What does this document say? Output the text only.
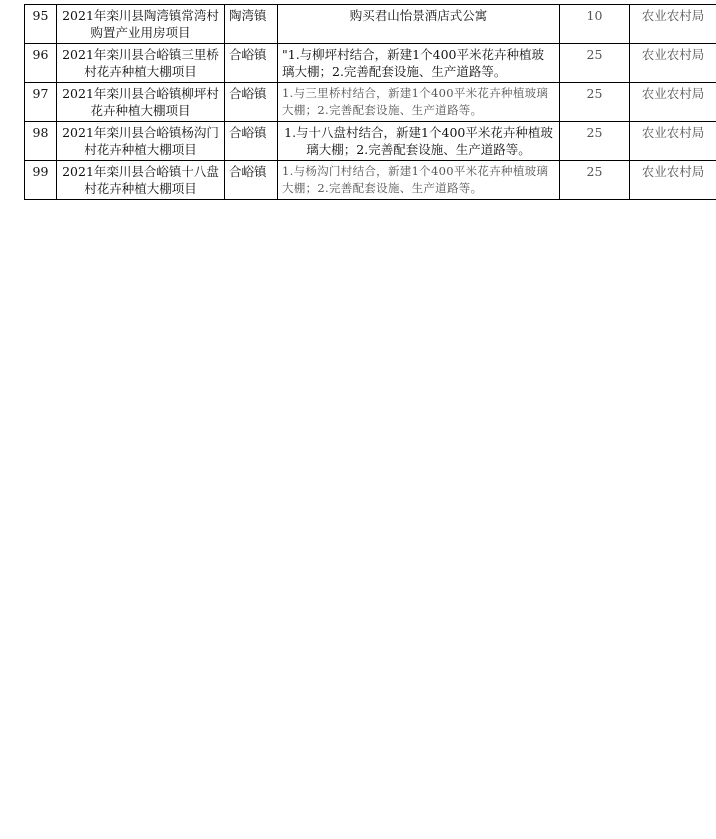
95	2021年栾川县陶湾镇常湾村购置产业用房项目	陶湾镇	购买君山怡景酒店式公寓	10	农业农村局
96	2021年栾川县合峪镇三里桥村花卉种植大棚项目	合峪镇	"1.与柳坪村结合，新建1个400平米花卉种植玻璃大棚；2.完善配套设施、生产道路等。	25	农业农村局
97	2021年栾川县合峪镇柳坪村花卉种植大棚项目	合峪镇	1.与三里桥村结合，新建1个400平米花卉种植玻璃大棚；2.完善配套设施、生产道路等。	25	农业农村局
98	2021年栾川县合峪镇杨沟门村花卉种植大棚项目	合峪镇	1.与十八盘村结合，新建1个400平米花卉种植玻璃大棚；2.完善配套设施、生产道路等。	25	农业农村局
99	2021年栾川县合峪镇十八盘村花卉种植大棚项目	合峪镇	1.与杨沟门村结合，新建1个400平米花卉种植玻璃大棚；2.完善配套设施、生产道路等。	25	农业农村局
